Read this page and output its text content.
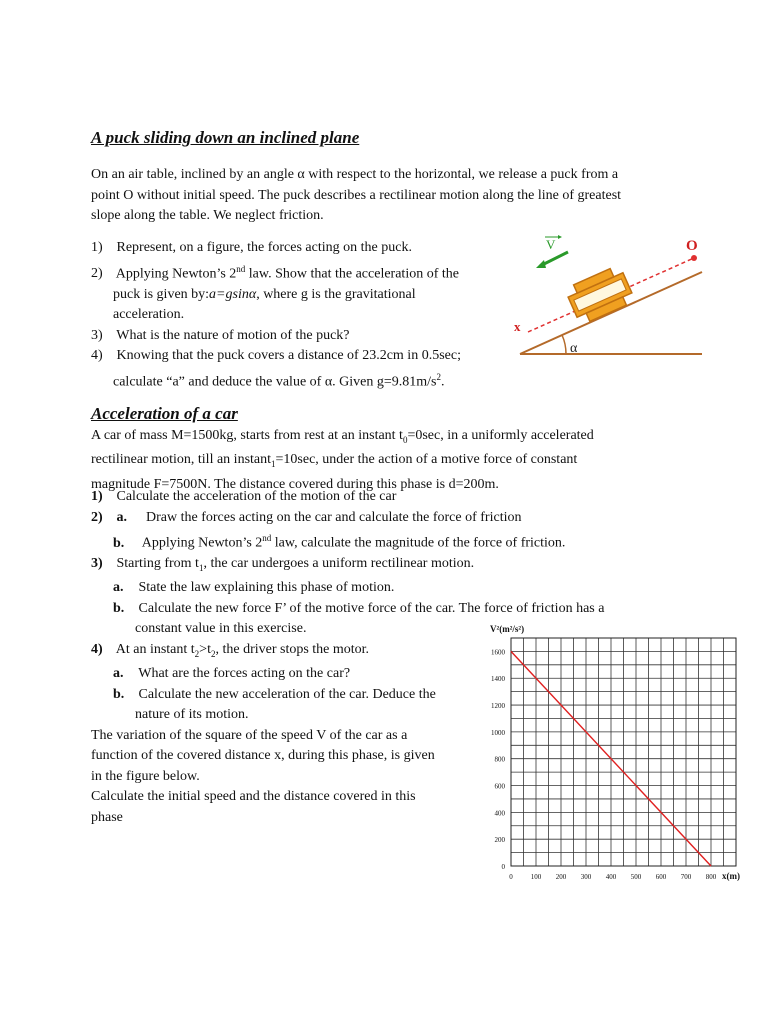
A puck sliding down an inclined plane
On an air table, inclined by an angle α with respect to the horizontal, we release a puck from a
point O without initial speed. The puck describes a rectilinear motion along the line of greatest
slope along the table. We neglect friction.
1) Represent, on a figure, the forces acting on the puck.
2) Applying Newton’s 2nd law. Show that the acceleration of the
puck is given by:a=gsinα, where g is the gravitational
acceleration.
3) What is the nature of motion of the puck?
4) Knowing that the puck covers a distance of 23.2cm in 0.5sec;
calculate “a” and deduce the value of α. Given $g=9.81m/s^2$.
α
O
x
V
Acceleration of a car
A car of mass M=1500kg, starts from rest at an instant $t_0=0\sec$, in a uniformly accelerated
rectilinear motion, till an instant$_1$=10sec, under the action of a motive force of constant
magnitude F=7500N. The distance covered during this phase is d=200m.
1) Calculate the acceleration of the motion of the car
2) a. Draw the forces acting on the car and calculate the force of friction
b. Applying Newton’s 2nd law, calculate the magnitude of the force of friction.
3) Starting from $t_1$, the car undergoes a uniform rectilinear motion.
a. State the law explaining this phase of motion.
b. Calculate the new force F’ of the motive force of the car. The force of friction has a
constant value in this exercise.
4) At an instant $t_2>t_2$, the driver stops the motor.
a. What are the forces acting on the car?
b. Calculate the new acceleration of the car. Deduce the
nature of its motion.
The variation of the square of the speed V of the car as a
function of the covered distance x, during this phase, is given
in the figure below.
Calculate the initial speed and the distance covered in this
phase
0	100 200 300 400 500 600 700 800
0
200
400
600
800
1000
1200
1400
1600
V²(m²/s²)
x(m)
